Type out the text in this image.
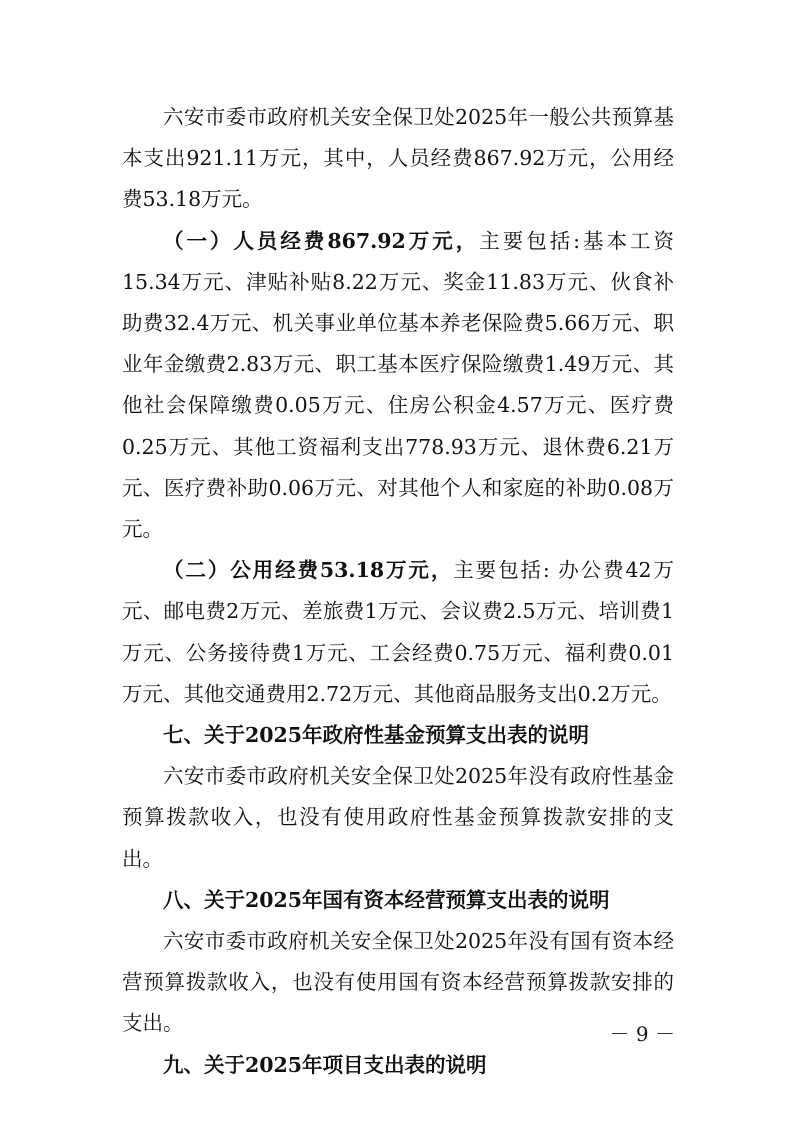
六安市委市政府机关安全保卫处2025年一般公共预算基本支出921.11万元，其中，人员经费867.92万元，公用经费53.18万元。

（一）人员经费867.92万元，主要包括:基本工资15.34万元、津贴补贴8.22万元、奖金11.83万元、伙食补助费32.4万元、机关事业单位基本养老保险费5.66万元、职业年金缴费2.83万元、职工基本医疗保险缴费1.49万元、其他社会保障缴费0.05万元、住房公积金4.57万元、医疗费0.25万元、其他工资福利支出778.93万元、退休费6.21万元、医疗费补助0.06万元、对其他个人和家庭的补助0.08万元。

（二）公用经费53.18万元，主要包括: 办公费42万元、邮电费2万元、差旅费1万元、会议费2.5万元、培训费1万元、公务接待费1万元、工会经费0.75万元、福利费0.01万元、其他交通费用2.72万元、其他商品服务支出0.2万元。

七、关于2025年政府性基金预算支出表的说明

六安市委市政府机关安全保卫处2025年没有政府性基金预算拨款收入，也没有使用政府性基金预算拨款安排的支出。

八、关于2025年国有资本经营预算支出表的说明

六安市委市政府机关安全保卫处2025年没有国有资本经营预算拨款收入，也没有使用国有资本经营预算拨款安排的支出。

九、关于2025年项目支出表的说明
－ 9 －
